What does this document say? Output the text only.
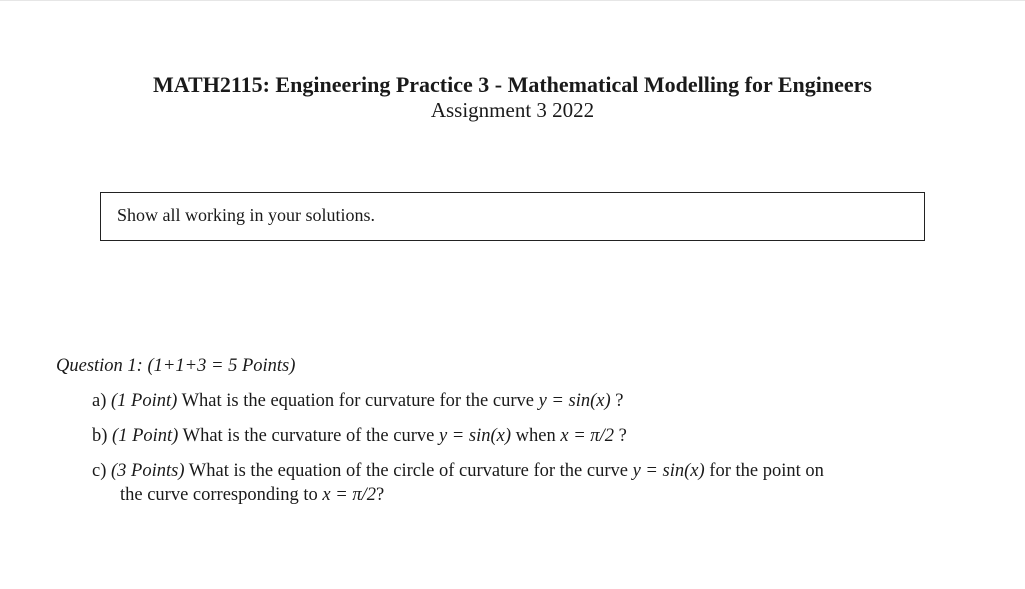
MATH2115: Engineering Practice 3 - Mathematical Modelling for Engineers
Assignment 3 2022
Show all working in your solutions.
Question 1: (1+1+3 = 5 Points)
a) (1 Point) What is the equation for curvature for the curve y = sin(x) ?
b) (1 Point) What is the curvature of the curve y = sin(x) when x = π/2 ?
c) (3 Points) What is the equation of the circle of curvature for the curve y = sin(x) for the point on
the curve corresponding to x = π/2?
